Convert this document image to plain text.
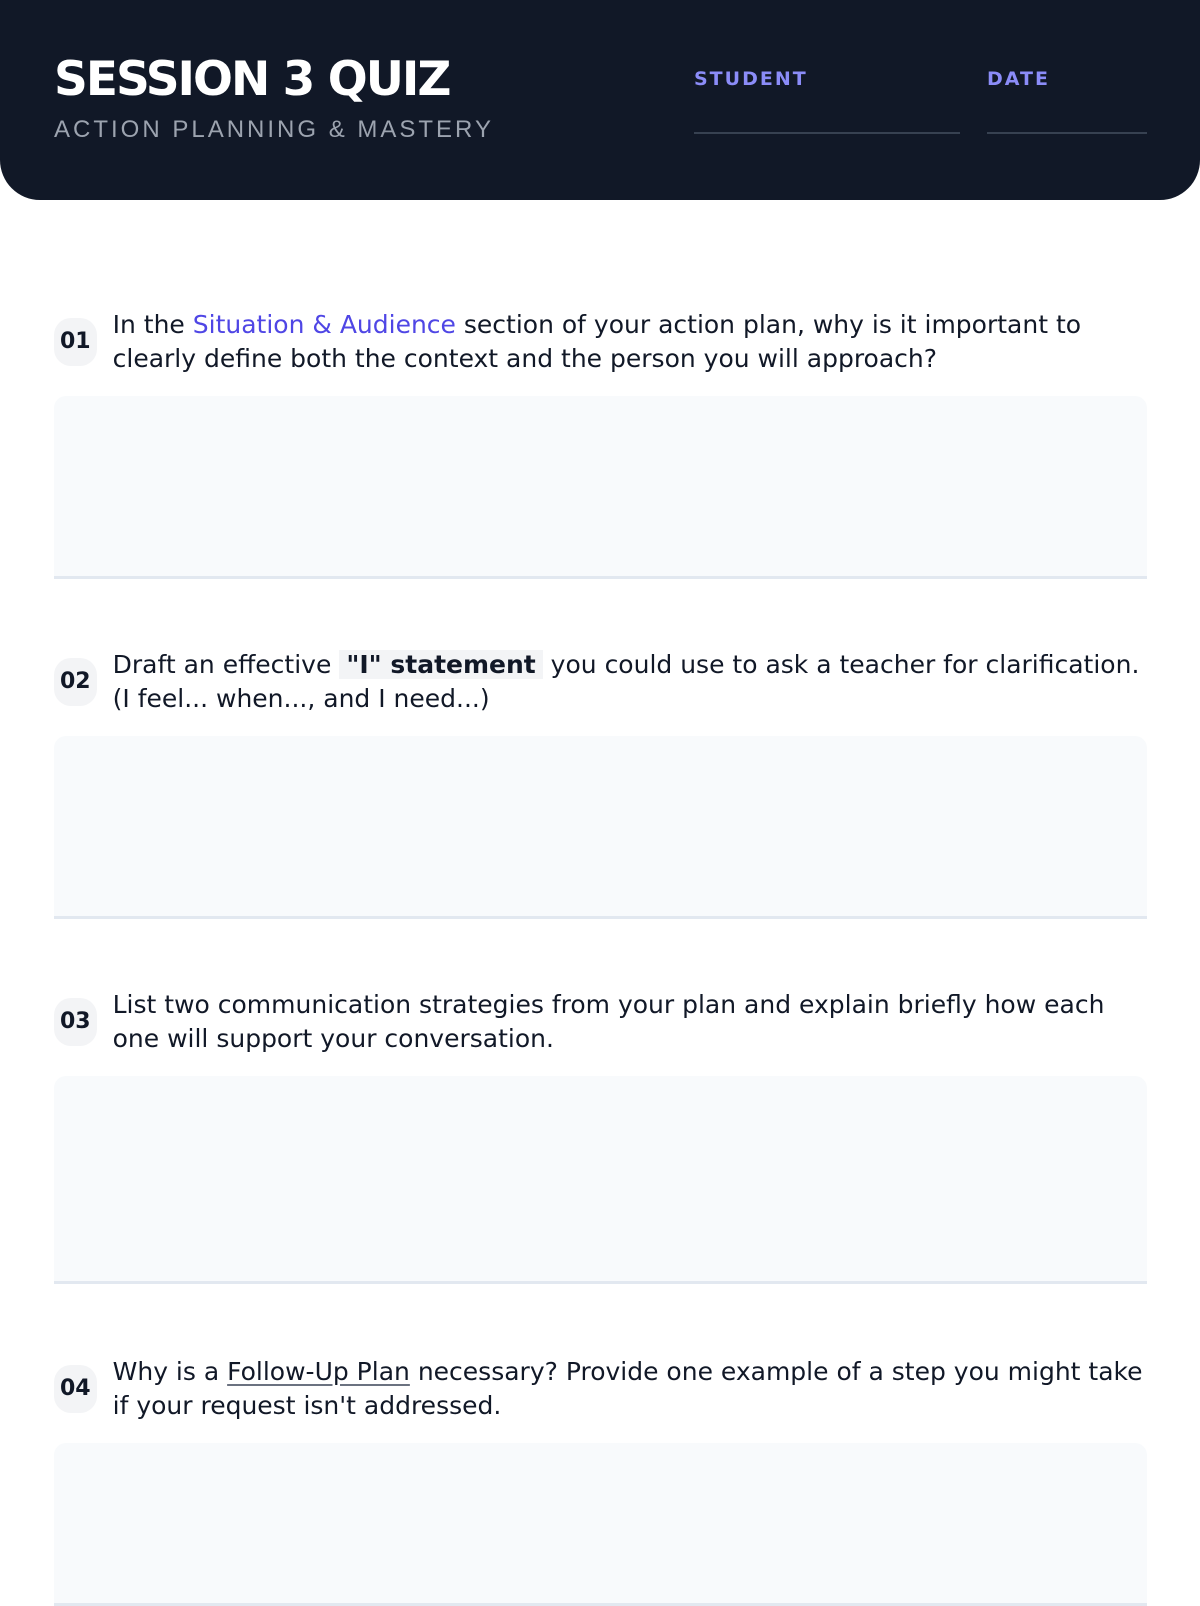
SESSION 3 QUIZ
ACTION PLANNING & MASTERY
STUDENT	DATE
01
In the Situation & Audience section of your action plan, why is it important to clearly define both the context and the person you will approach?
02
Draft an effective "I" statement you could use to ask a teacher for clarification. (I feel... when..., and I need...)
03
List two communication strategies from your plan and explain briefly how each one will support your conversation.
04
Why is a Follow-Up Plan necessary? Provide one example of a step you might take if your request isn't addressed.
